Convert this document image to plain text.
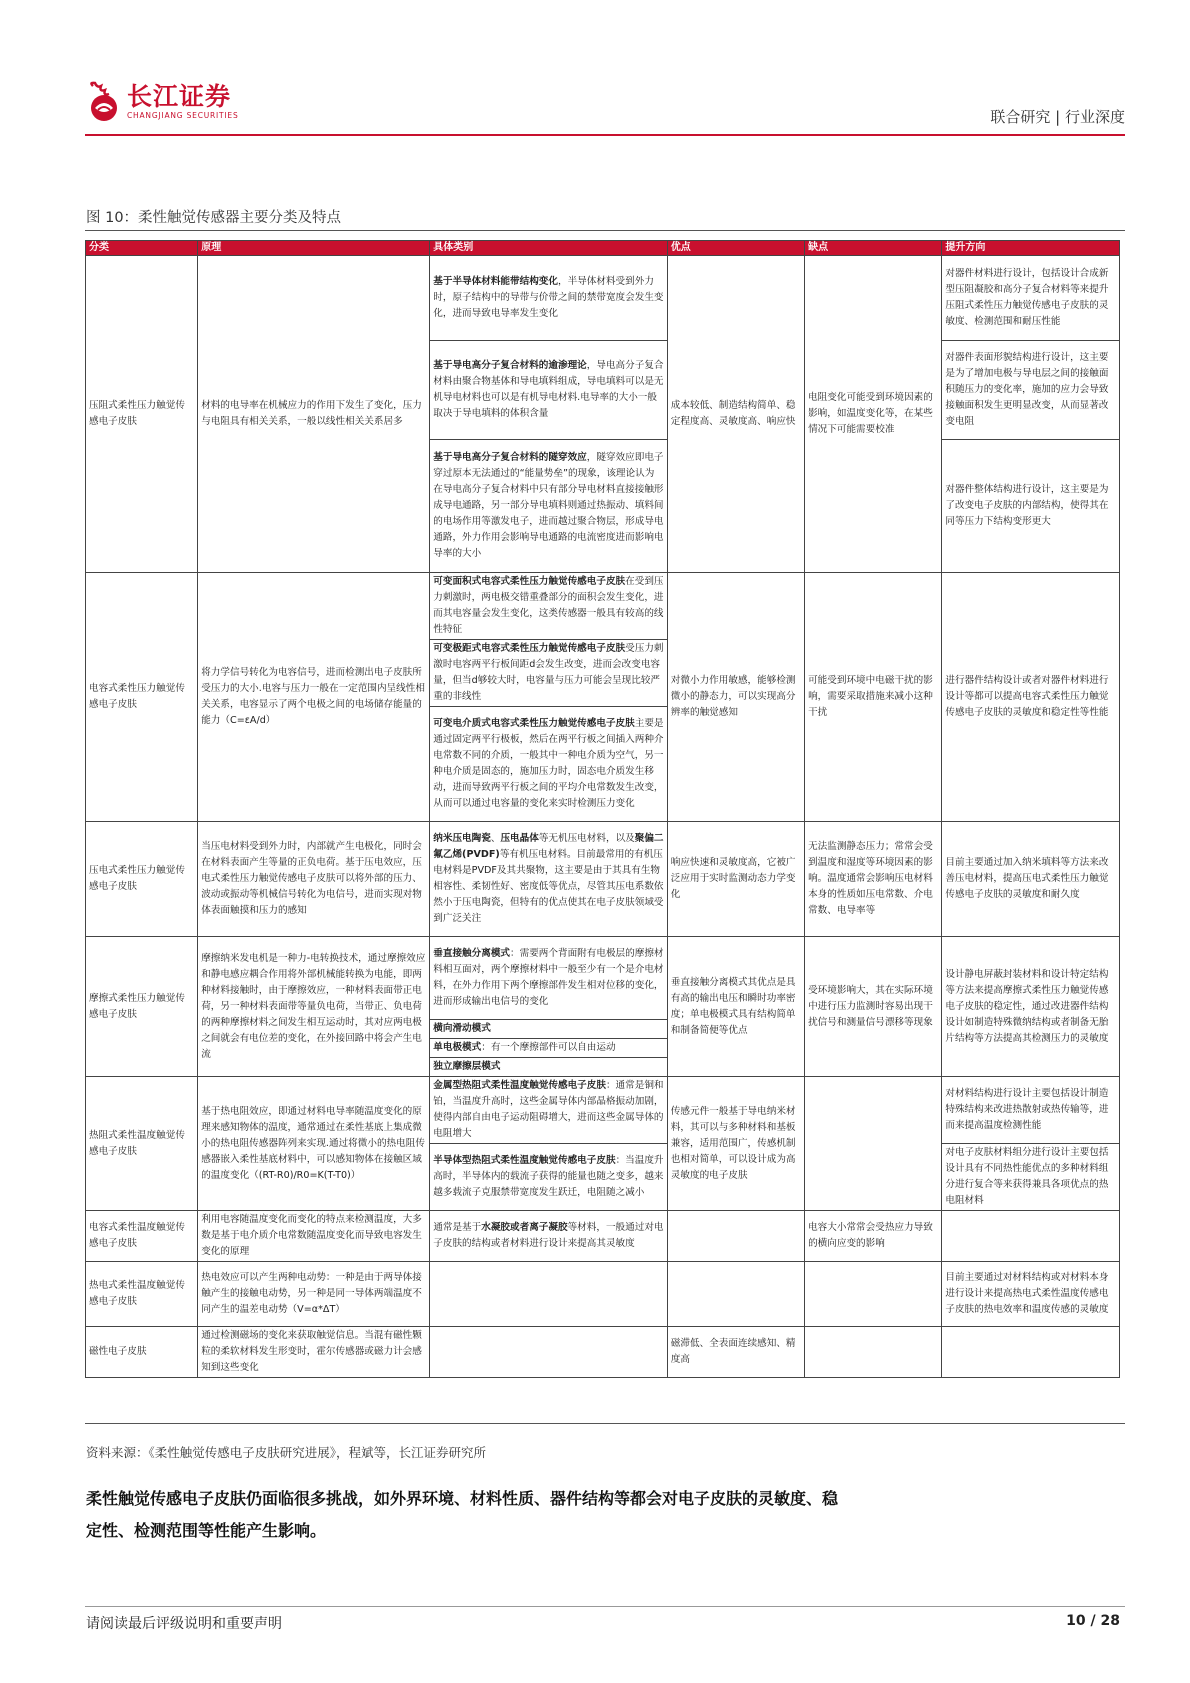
长江证券
CHANGJIANG SECURITIES	联合研究 | 行业深度
图 10：柔性触觉传感器主要分类及特点
分类	原理	具体类别	优点	缺点	提升方向
压阻式柔性压力触觉传感电子皮肤	材料的电导率在机械应力的作用下发生了变化，压力与电阻具有相关关系，一般以线性相关关系居多	基于半导体材料能带结构变化，半导体材料受到外力时，原子结构中的导带与价带之间的禁带宽度会发生变化，进而导致电导率发生变化	成本较低、制造结构简单、稳定程度高、灵敏度高、响应快	电阻变化可能受到环境因素的影响，如温度变化等，在某些情况下可能需要校准	对器件材料进行设计，包括设计合成新型压阻凝胶和高分子复合材料等来提升压阻式柔性压力触觉传感电子皮肤的灵敏度、检测范围和耐压性能
		基于导电高分子复合材料的逾渗理论，导电高分子复合材料由聚合物基体和导电填料组成，导电填料可以是无机导电材料也可以是有机导电材料.电导率的大小一般取决于导电填料的体积含量			对器件表面形貌结构进行设计，这主要是为了增加电极与导电层之间的接触面积随压力的变化率，施加的应力会导致接触面积发生更明显改变，从而显著改变电阻
		基于导电高分子复合材料的隧穿效应，隧穿效应即电子穿过原本无法通过的“能量势垒”的现象，该理论认为在导电高分子复合材料中只有部分导电材料直接接触形成导电通路，另一部分导电填料则通过热振动、填料间的电场作用等激发电子，进而越过聚合物层，形成导电通路，外力作用会影响导电通路的电流密度进而影响电导率的大小			对器件整体结构进行设计，这主要是为了改变电子皮肤的内部结构，使得其在同等压力下结构变形更大
电容式柔性压力触觉传感电子皮肤	将力学信号转化为电容信号，进而检测出电子皮肤所受压力的大小.电容与压力一般在一定范围内呈线性相关关系，电容显示了两个电极之间的电场储存能量的能力（C=εA/d）	可变面积式电容式柔性压力触觉传感电子皮肤在受到压力刺激时，两电极交错重叠部分的面积会发生变化，进而其电容量会发生变化，这类传感器一般具有较高的线性特征	对微小力作用敏感，能够检测微小的静态力，可以实现高分辨率的触觉感知	可能受到环境中电磁干扰的影响，需要采取措施来减小这种干扰	进行器件结构设计或者对器件材料进行设计等都可以提高电容式柔性压力触觉传感电子皮肤的灵敏度和稳定性等性能
		可变极距式电容式柔性压力触觉传感电子皮肤受压力刺激时电容两平行板间距d会发生改变，进而会改变电容量，但当d够较大时，电容量与压力可能会呈现比较严重的非线性			
		可变电介质式电容式柔性压力触觉传感电子皮肤主要是通过固定两平行极板，然后在两平行板之间插入两种介电常数不同的介质，一般其中一种电介质为空气，另一种电介质是固态的，施加压力时，固态电介质发生移动，进而导致两平行板之间的平均介电常数发生改变，从而可以通过电容量的变化来实时检测压力变化			
压电式柔性压力触觉传感电子皮肤	当压电材料受到外力时，内部就产生电极化，同时会在材料表面产生等量的正负电荷。基于压电效应，压电式柔性压力触觉传感电子皮肤可以将外部的压力、波动或振动等机械信号转化为电信号，进而实现对物体表面触摸和压力的感知	纳米压电陶瓷、压电晶体等无机压电材料，以及聚偏二氟乙烯(PVDF)等有机压电材料。目前最常用的有机压电材料是PVDF及其共聚物，这主要是由于其具有生物相容性、柔韧性好、密度低等优点，尽管其压电系数依然小于压电陶瓷，但特有的优点使其在电子皮肤领域受到广泛关注	响应快速和灵敏度高，它被广泛应用于实时监测动态力学变化	无法监测静态压力；常常会受到温度和湿度等环境因素的影响。温度通常会影响压电材料本身的性质如压电常数、介电常数、电导率等	目前主要通过加入纳米填料等方法来改善压电材料，提高压电式柔性压力触觉传感电子皮肤的灵敏度和耐久度
摩擦式柔性压力触觉传感电子皮肤	摩擦纳米发电机是一种力-电转换技术，通过摩擦效应和静电感应耦合作用将外部机械能转换为电能，即两种材料接触时，由于摩擦效应，一种材料表面带正电荷，另一种材料表面带等量负电荷，当带正、负电荷的两种摩擦材料之间发生相互运动时，其对应两电极之间就会有电位差的变化，在外接回路中将会产生电流	垂直接触分离模式：需要两个背面附有电极层的摩擦材料相互面对，两个摩擦材料中一般至少有一个是介电材料，在外力作用下两个摩擦部件发生相对位移的变化，进而形成输出电信号的变化	垂直接触分离模式其优点是具有高的输出电压和瞬时功率密度；单电极模式具有结构简单和制备简便等优点	受环境影响大，其在实际环境中进行压力监测时容易出现干扰信号和测量信号漂移等现象	设计静电屏蔽封装材料和设计特定结构等方法来提高摩擦式柔性压力触觉传感电子皮肤的稳定性，通过改进器件结构设计如制造特殊微纳结构或者制备无胎片结构等方法提高其检测压力的灵敏度
		横向滑动模式			
		单电极模式：有一个摩擦部件可以自由运动			
		独立摩擦层模式			
热阻式柔性温度触觉传感电子皮肤	基于热电阻效应，即通过材料电导率随温度变化的原理来感知物体的温度，通常通过在柔性基底上集成微小的热电阻传感器阵列来实现.通过将微小的热电阻传感器嵌入柔性基底材料中，可以感知物体在接触区域的温度变化（(RT-R0)/R0=K(T-T0)）	金属型热阻式柔性温度触觉传感电子皮肤：通常是铜和铂，当温度升高时，这些金属导体内部晶格振动加剧，使得内部自由电子运动阻碍增大，进而这些金属导体的电阻增大	传感元件一般基于导电纳米材料，其可以与多种材料和基板兼容，适用范围广，传感机制也相对简单，可以设计成为高灵敏度的电子皮肤		对材料结构进行设计主要包括设计制造特殊结构来改进热散射或热传输等，进而来提高温度检测性能
		半导体型热阻式柔性温度触觉传感电子皮肤：当温度升高时，半导体内的载流子获得的能量也随之变多，越来越多载流子克服禁带宽度发生跃迁，电阻随之减小			对电子皮肤材料组分进行设计主要包括设计具有不同热性能优点的多种材料组分进行复合等来获得兼具各项优点的热电阻材料
电容式柔性温度触觉传感电子皮肤	利用电容随温度变化而变化的特点来检测温度，大多数是基于电介质介电常数随温度变化而导致电容发生变化的原理	通常是基于水凝胶或者离子凝胶等材料，一般通过对电子皮肤的结构或者材料进行设计来提高其灵敏度		电容大小常常会受热应力导致的横向应变的影响	
热电式柔性温度触觉传感电子皮肤	热电效应可以产生两种电动势：一种是由于两导体接触产生的接触电动势，另一种是同一导体两端温度不同产生的温差电动势（V=α*ΔT）				目前主要通过对材料结构或对材料本身进行设计来提高热电式柔性温度传感电子皮肤的热电效率和温度传感的灵敏度
磁性电子皮肤	通过检测磁场的变化来获取触觉信息。当混有磁性颗粒的柔软材料发生形变时，霍尔传感器或磁力计会感知到这些变化		磁滞低、全表面连续感知、精度高		
资料来源：《柔性触觉传感电子皮肤研究进展》，程斌等，长江证券研究所
柔性触觉传感电子皮肤仍面临很多挑战，如外界环境、材料性质、器件结构等都会对电子皮肤的灵敏度、稳定性、检测范围等性能产生影响。
请阅读最后评级说明和重要声明	10 / 28
